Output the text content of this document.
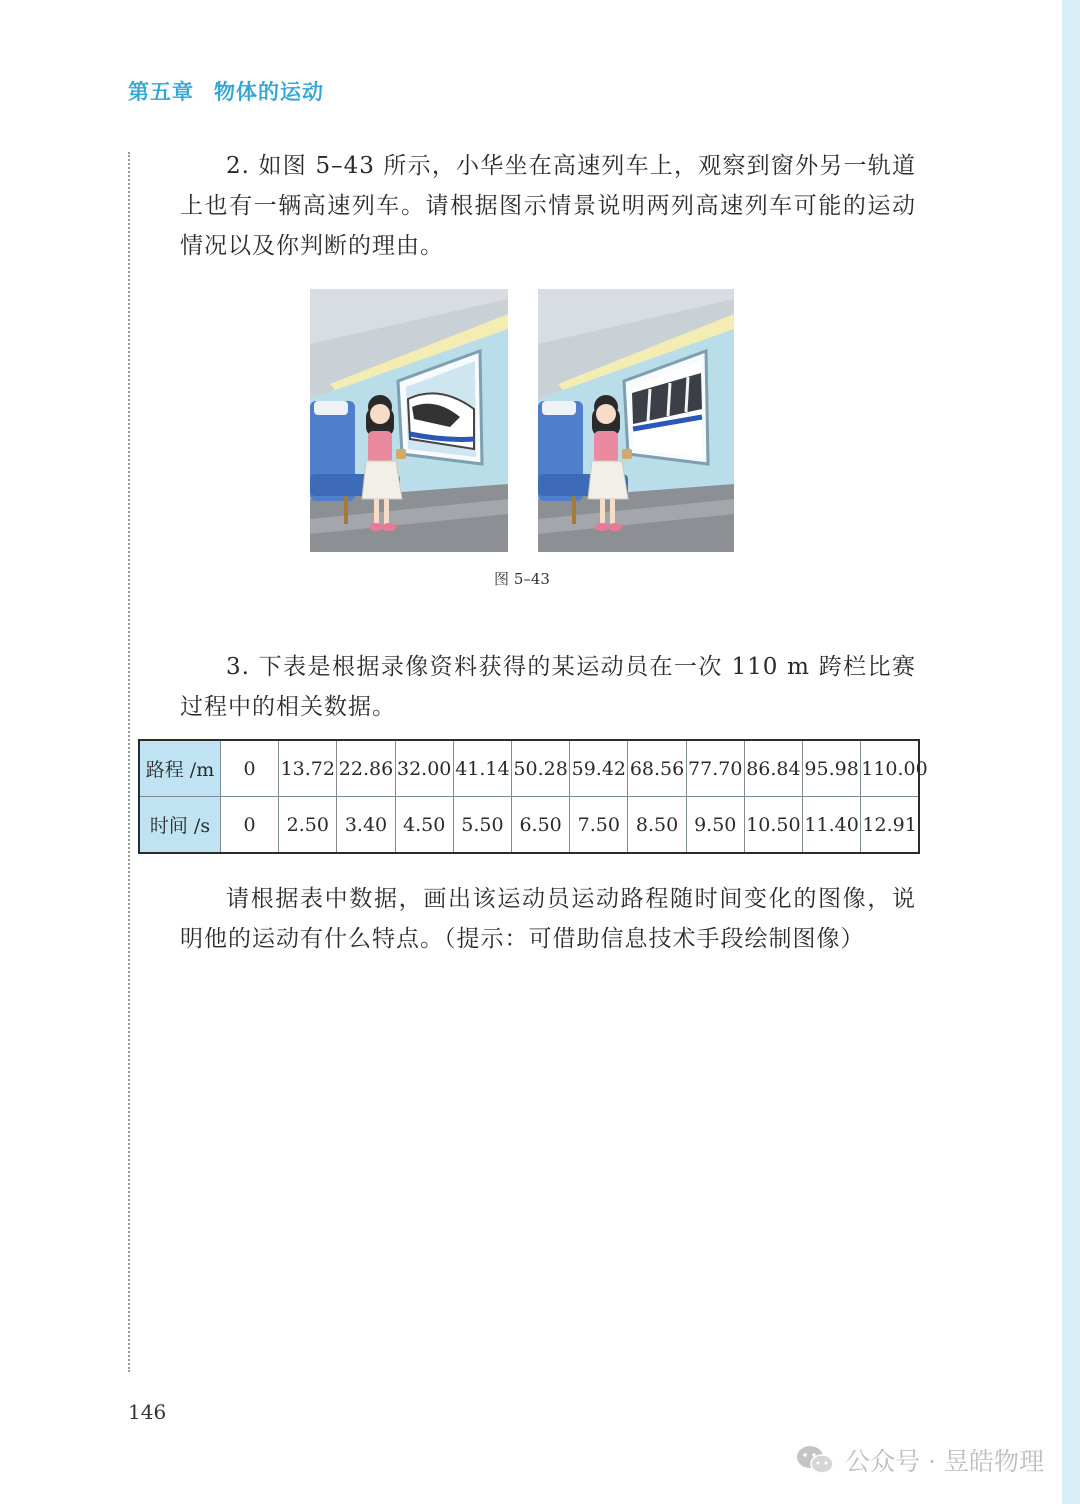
第五章 物体的运动

2. 如图 5–43 所示，小华坐在高速列车上，观察到窗外另一轨道上也有一辆高速列车。请根据图示情景说明两列高速列车可能的运动情况以及你判断的理由。

图 5–43

3. 下表是根据录像资料获得的某运动员在一次 110 m 跨栏比赛过程中的相关数据。

路程 /m	0	13.72	22.86	32.00	41.14	50.28	59.42	68.56	77.70	86.84	95.98	110.00
时间 /s	0	2.50	3.40	4.50	5.50	6.50	7.50	8.50	9.50	10.50	11.40	12.91

请根据表中数据，画出该运动员运动路程随时间变化的图像，说明他的运动有什么特点。（提示：可借助信息技术手段绘制图像）

146
公众号 · 昱皓物理
